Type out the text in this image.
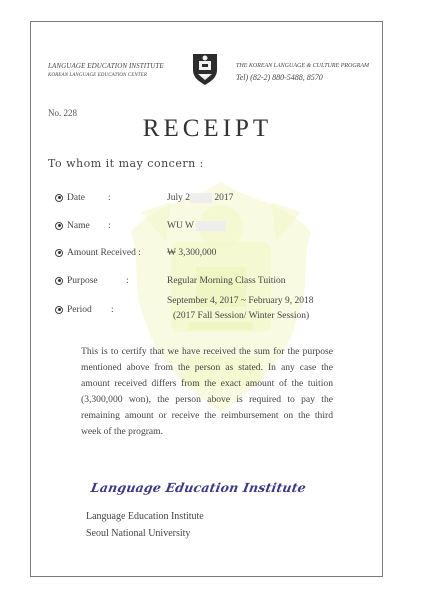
LANGUAGE EDUCATION INSTITUTE
KOREAN LANGUAGE EDUCATION CENTER
THE KOREAN LANGUAGE & CULTURE PROGRAM
Tel) (82-2) 880-5488, 8570
No. 228
RECEIPT
To whom it may concern :
Date :	July 2 2017
Name :	WU W
Amount Received :	₩ 3,300,000
Purpose	:	Regular Morning Class Tuition
Period :
September 4, 2017 ~ February 9, 2018
(2017 Fall Session/ Winter Session)
This is to certify that we have received the sum for the purpose mentioned above from the person as stated. In any case the amount received differs from the exact amount of the tuition (3,300,000 won), the person above is required to pay the remaining amount or receive the reimbursement on the third week of the program.
Language Education Institute
Language Education Institute
Seoul National University
